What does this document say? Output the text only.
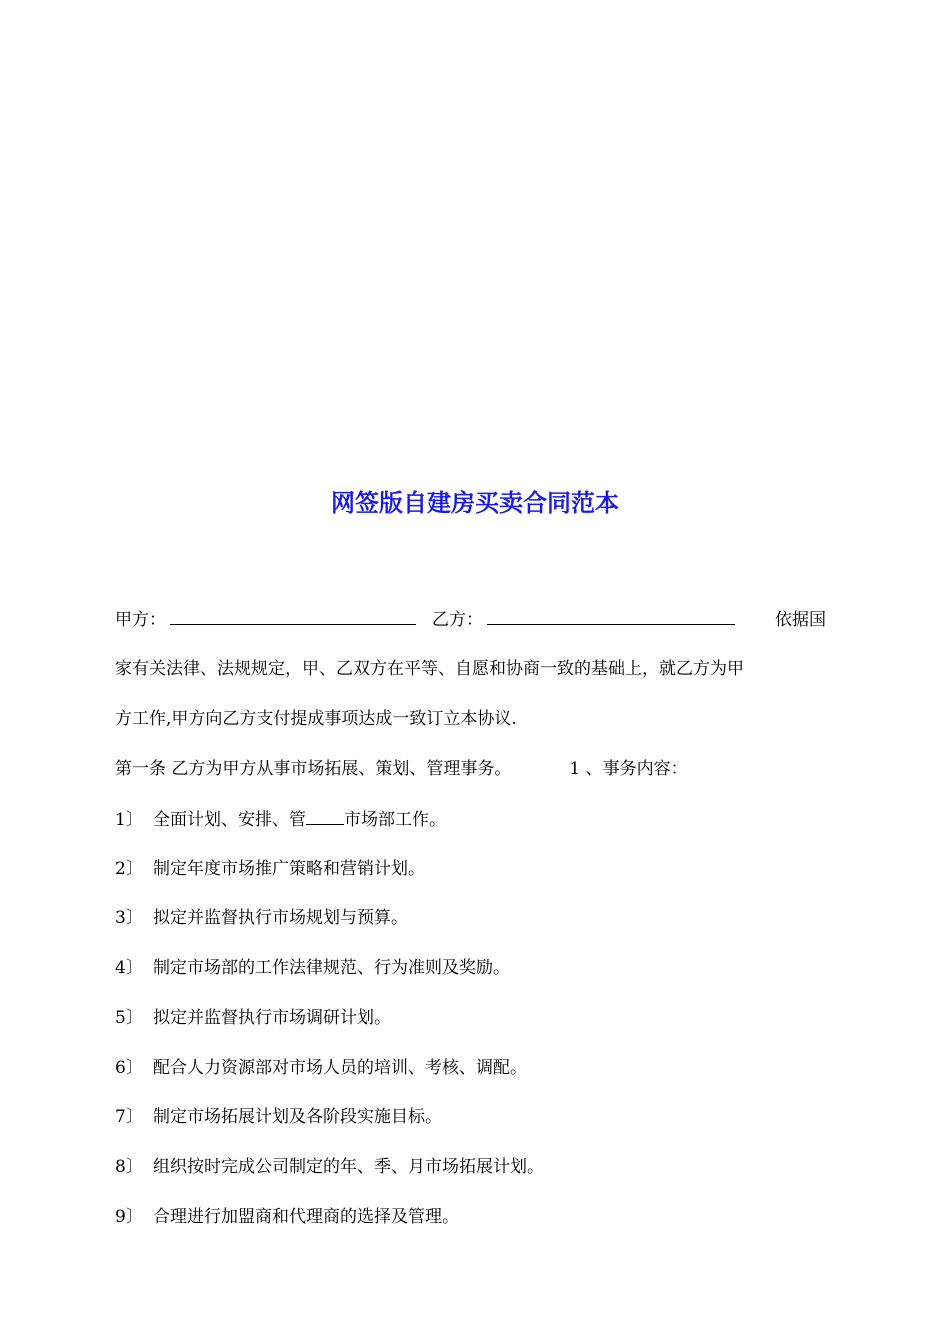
网签版自建房买卖合同范本
甲方：	乙方：	依据国
家有关法律、法规规定，甲、乙双方在平等、自愿和协商一致的基础上，就乙方为甲
方工作,甲方向乙方支付提成事项达成一致订立本协议.
第一条 乙方为甲方从事市场拓展、策划、管理事务。	1 、事务内容：
1〕 全面计划、安排、管 市场部工作。
2〕 制定年度市场推广策略和营销计划。
3〕 拟定并监督执行市场规划与预算。
4〕 制定市场部的工作法律规范、行为准则及奖励。
5〕 拟定并监督执行市场调研计划。
6〕 配合人力资源部对市场人员的培训、考核、调配。
7〕 制定市场拓展计划及各阶段实施目标。
8〕 组织按时完成公司制定的年、季、月市场拓展计划。
9〕 合理进行加盟商和代理商的选择及管理。
